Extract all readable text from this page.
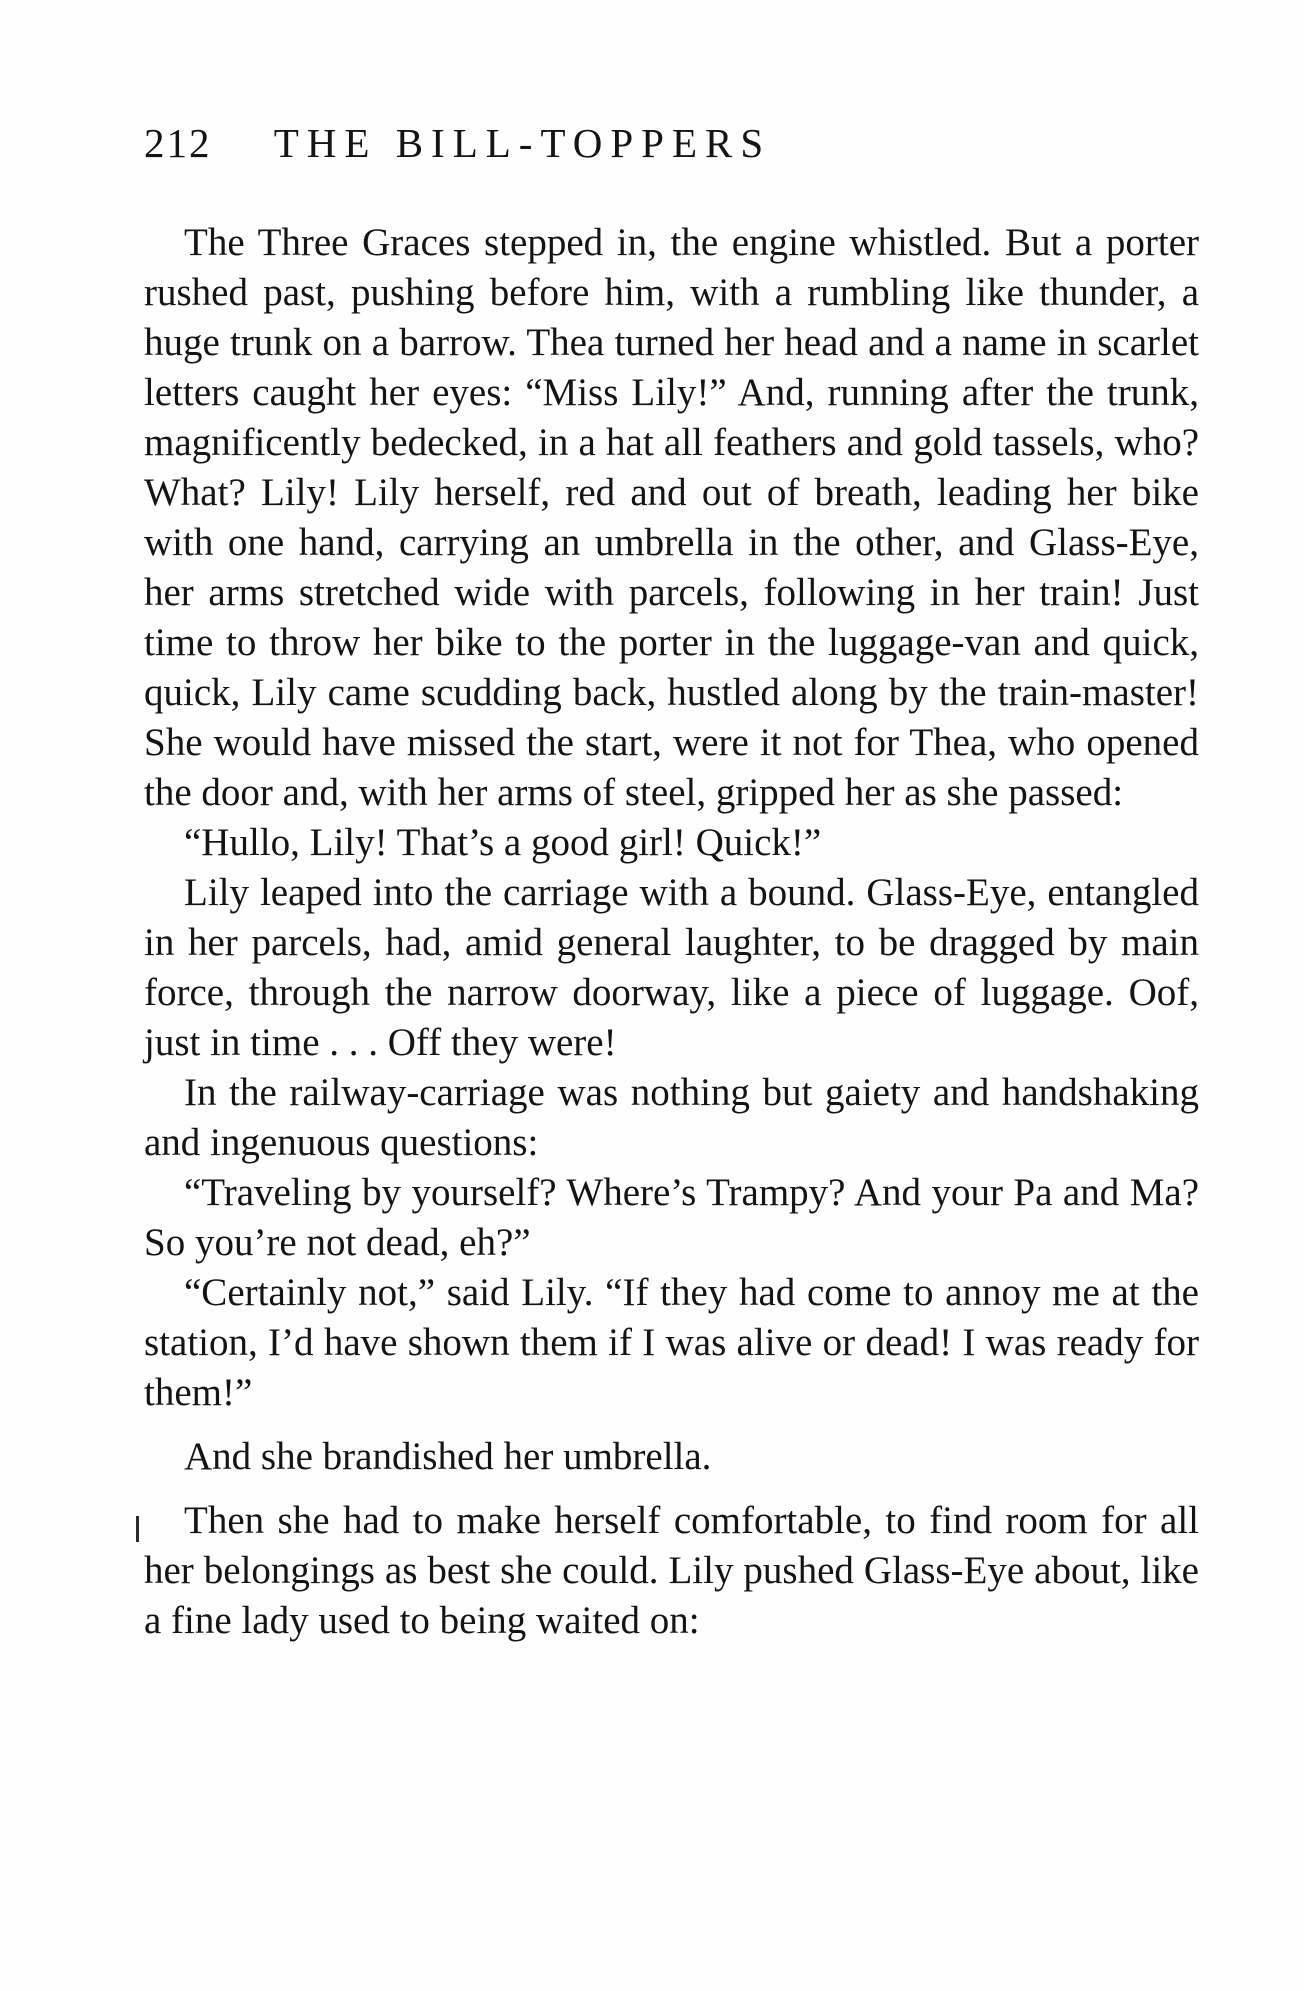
212 THE BILL-TOPPERS

The Three Graces stepped in, the engine whistled. But a porter rushed past, pushing before him, with a rumbling like thunder, a huge trunk on a barrow. Thea turned her head and a name in scarlet letters caught her eyes: “Miss Lily!” And, running after the trunk, magnificently bedecked, in a hat all feathers and gold tassels, who? What? Lily! Lily herself, red and out of breath, leading her bike with one hand, carrying an umbrella in the other, and Glass-Eye, her arms stretched wide with parcels, following in her train! Just time to throw her bike to the porter in the luggage-van and quick, quick, Lily came scudding back, hustled along by the train-master! She would have missed the start, were it not for Thea, who opened the door and, with her arms of steel, gripped her as she passed:

“Hullo, Lily! That’s a good girl! Quick!”

Lily leaped into the carriage with a bound. Glass-Eye, entangled in her parcels, had, amid general laughter, to be dragged by main force, through the narrow doorway, like a piece of luggage. Oof, just in time . . . Off they were!

In the railway-carriage was nothing but gaiety and handshaking and ingenuous questions:

“Traveling by yourself? Where’s Trampy? And your Pa and Ma? So you’re not dead, eh?”

“Certainly not,” said Lily. “If they had come to annoy me at the station, I’d have shown them if I was alive or dead! I was ready for them!”

And she brandished her umbrella.

Then she had to make herself comfortable, to find room for all her belongings as best she could. Lily pushed Glass-Eye about, like a fine lady used to being waited on:
